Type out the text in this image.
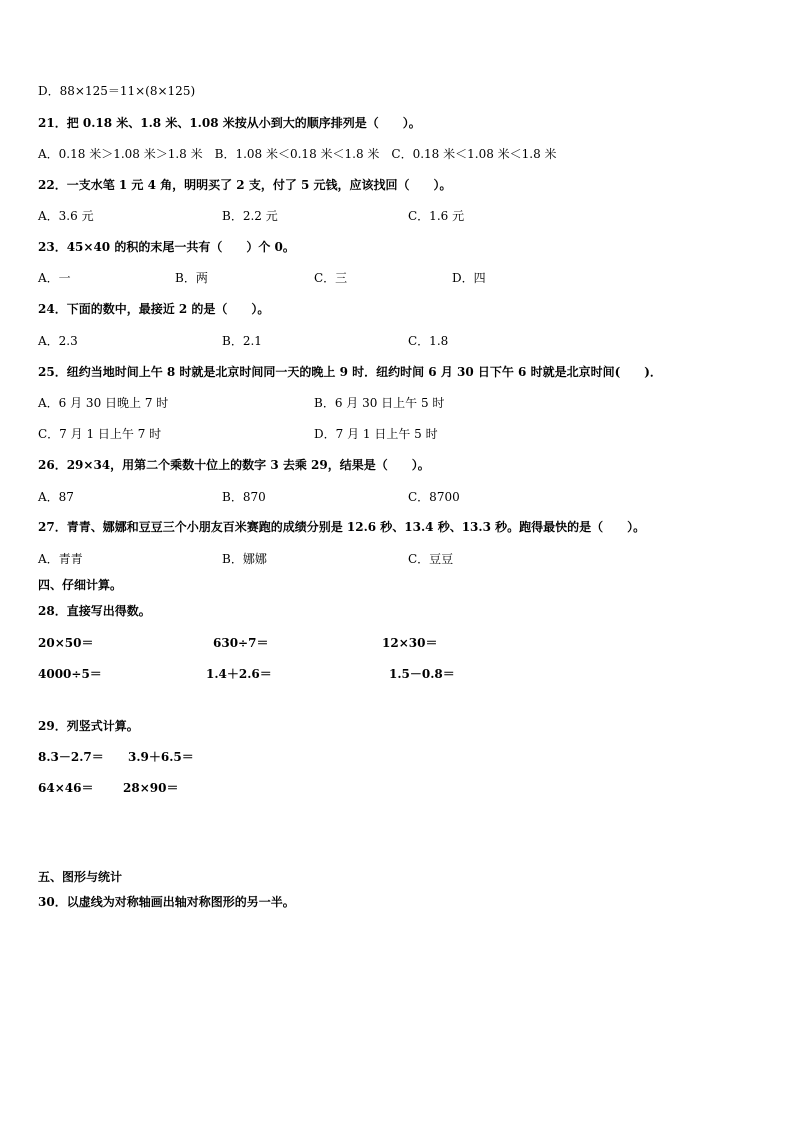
D．88×125＝11×(8×125)
21．把 0.18 米、1.8 米、1.08 米按从小到大的顺序排列是（　　）。
A．0.18 米＞1.08 米＞1.8 米　B．1.08 米＜0.18 米＜1.8 米　C．0.18 米＜1.08 米＜1.8 米
22．一支水笔 1 元 4 角，明明买了 2 支，付了 5 元钱，应该找回（　　）。
A．3.6 元	B．2.2 元	C．1.6 元
23．45×40 的积的末尾一共有（　　）个 0。
A．一	B．两	C．三	D．四
24．下面的数中，最接近 2 的是（　　）。
A．2.3	B．2.1	C．1.8
25．纽约当地时间上午 8 时就是北京时间同一天的晚上 9 时．纽约时间 6 月 30 日下午 6 时就是北京时间(　　)．
A．6 月 30 日晚上 7 时	B．6 月 30 日上午 5 时
C．7 月 1 日上午 7 时	D．7 月 1 日上午 5 时
26．29×34，用第二个乘数十位上的数字 3 去乘 29，结果是（　　）。
A．87	B．870	C．8700
27．青青、娜娜和豆豆三个小朋友百米赛跑的成绩分别是 12.6 秒、13.4 秒、13.3 秒。跑得最快的是（　　）。
A．青青	B．娜娜	C．豆豆
四、仔细计算。
28．直接写出得数。
20×50＝	630÷7＝	12×30＝
4000÷5＝	1.4＋2.6＝	1.5－0.8＝
29．列竖式计算。
8.3－2.7＝ 3.9＋6.5＝
64×46＝ 28×90＝
五、图形与统计
30．以虚线为对称轴画出轴对称图形的另一半。
